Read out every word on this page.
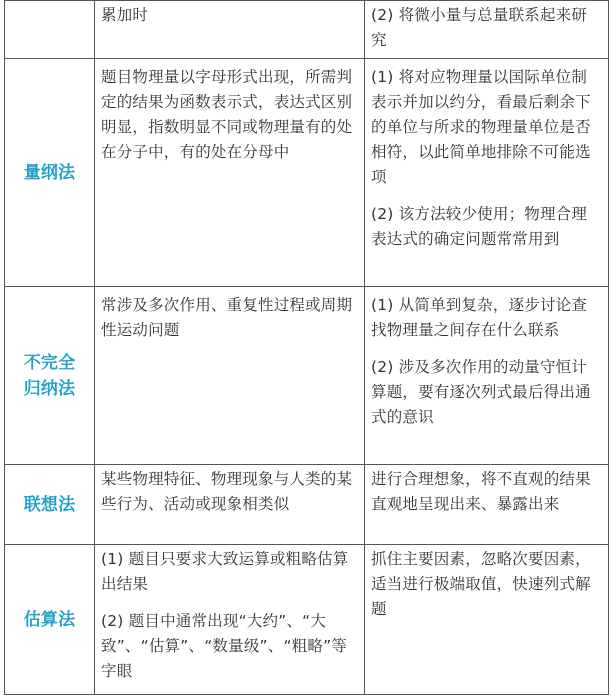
	累加时	(2) 将微小量与总量联系起来研究

量纲法	题目物理量以字母形式出现，所需判定的结果为函数表示式，表达式区别明显，指数明显不同或物理量有的处在分子中，有的处在分母中	(1) 将对应物理量以国际单位制表示并加以约分，看最后剩余下的单位与所求的物理量单位是否相符，以此简单地排除不可能选项
(2) 该方法较少使用；物理合理表达式的确定问题常常用到

不完全归纳法	常涉及多次作用、重复性过程或周期性运动问题	(1) 从简单到复杂，逐步讨论查找物理量之间存在什么联系
(2) 涉及多次作用的动量守恒计算题，要有逐次列式最后得出通式的意识

联想法	某些物理特征、物理现象与人类的某些行为、活动或现象相类似	进行合理想象，将不直观的结果直观地呈现出来、暴露出来

估算法	(1) 题目只要求大致运算或粗略估算出结果
(2) 题目中通常出现“大约”、“大致”、“估算”、“数量级”、“粗略”等字眼	抓住主要因素，忽略次要因素，适当进行极端取值，快速列式解题
